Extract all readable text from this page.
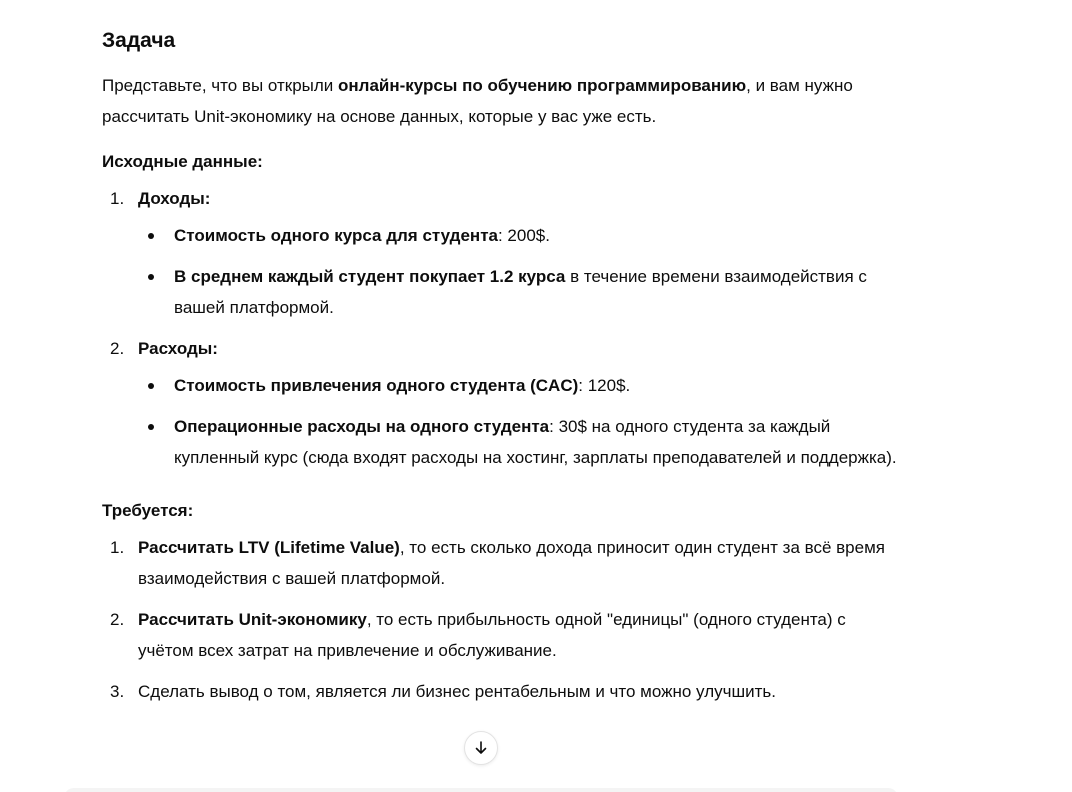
Задача

Представьте, что вы открыли онлайн-курсы по обучению программированию, и вам нужно рассчитать Unit-экономику на основе данных, которые у вас уже есть.

Исходные данные:

1. Доходы:
Стоимость одного курса для студента: 200$.
В среднем каждый студент покупает 1.2 курса в течение времени взаимодействия с вашей платформой.
2. Расходы:
Стоимость привлечения одного студента (CAC): 120$.
Операционные расходы на одного студента: 30$ на одного студента за каждый купленный курс (сюда входят расходы на хостинг, зарплаты преподавателей и поддержка).

Требуется:

1. Рассчитать LTV (Lifetime Value), то есть сколько дохода приносит один студент за всё время взаимодействия с вашей платформой.
2. Рассчитать Unit-экономику, то есть прибыльность одной "единицы" (одного студента) с учётом всех затрат на привлечение и обслуживание.
3. Сделать вывод о том, является ли бизнес рентабельным и что можно улучшить.
